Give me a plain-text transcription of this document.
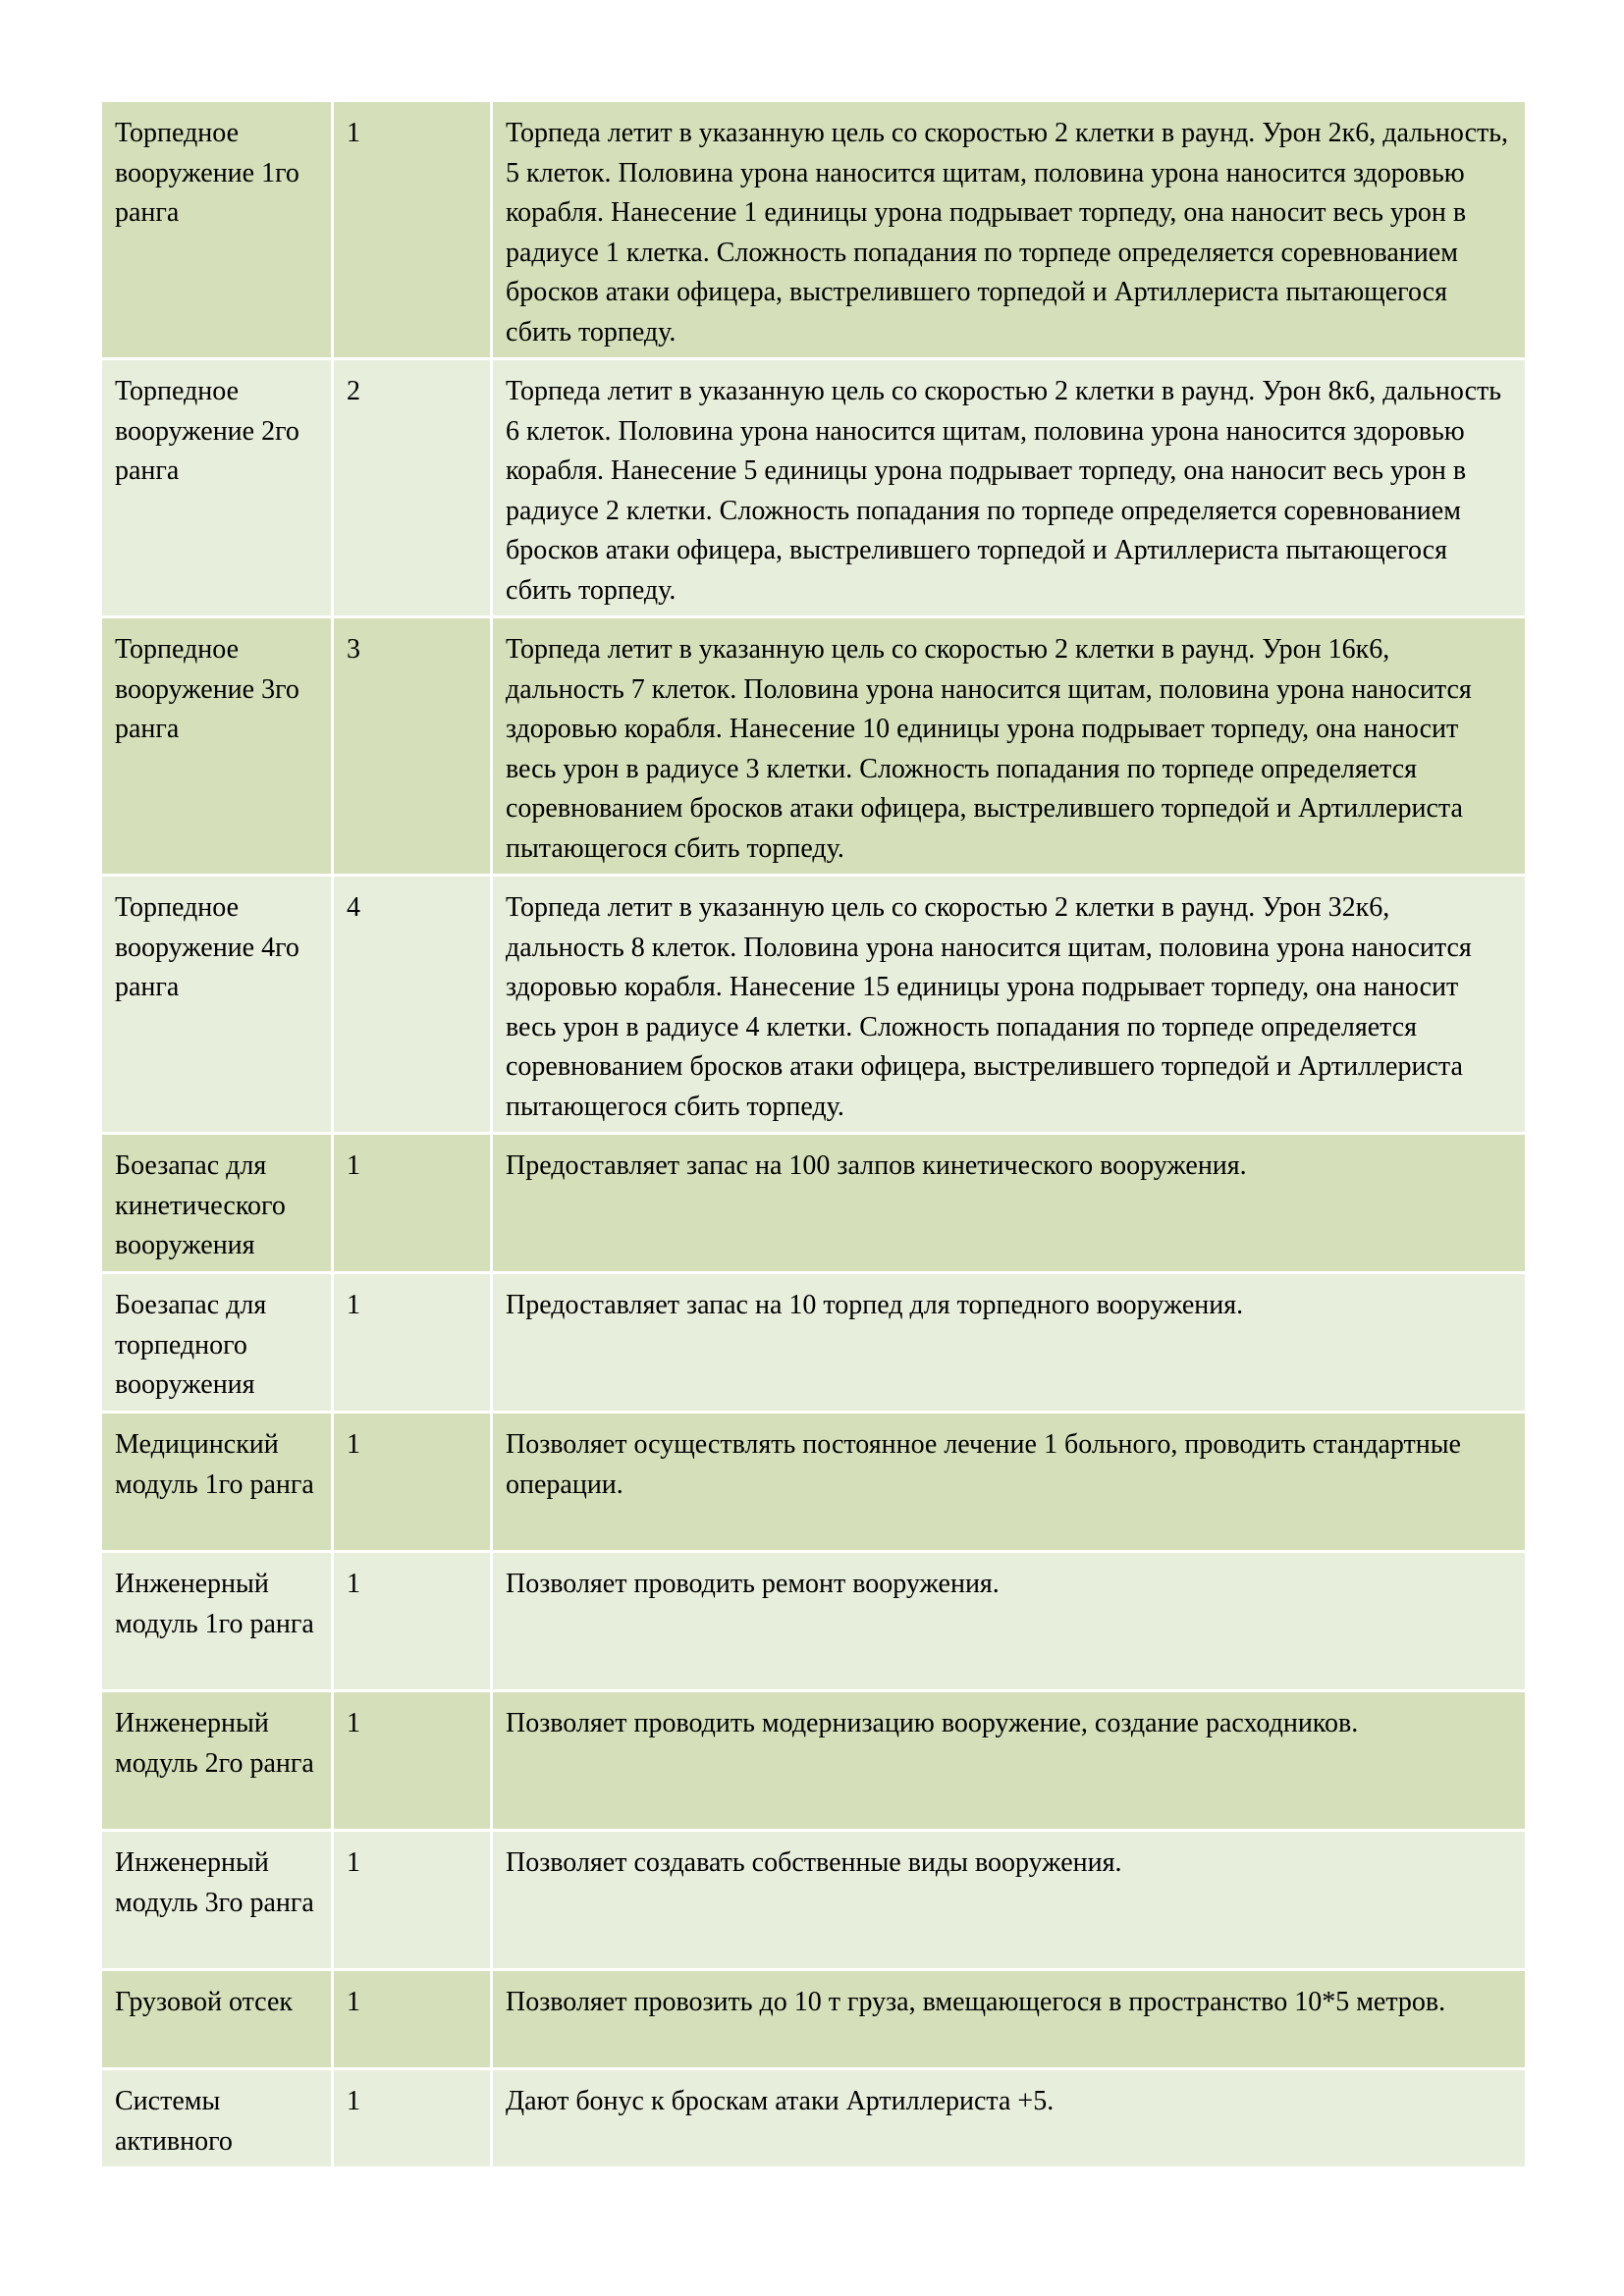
Торпедное вооружение 1го ранга	1	Торпеда летит в указанную цель со скоростью 2 клетки в раунд. Урон 2к6, дальность, 5 клеток. Половина урона наносится щитам, половина урона наносится здоровью корабля. Нанесение 1 единицы урона подрывает торпеду, она наносит весь урон в радиусе 1 клетка. Сложность попадания по торпеде определяется соревнованием бросков атаки офицера, выстрелившего торпедой и Артиллериста пытающегося сбить торпеду.
Торпедное вооружение 2го ранга	2	Торпеда летит в указанную цель со скоростью 2 клетки в раунд. Урон 8к6, дальность 6 клеток. Половина урона наносится щитам, половина урона наносится здоровью корабля. Нанесение 5 единицы урона подрывает торпеду, она наносит весь урон в радиусе 2 клетки. Сложность попадания по торпеде определяется соревнованием бросков атаки офицера, выстрелившего торпедой и Артиллериста пытающегося сбить торпеду.
Торпедное вооружение 3го ранга	3	Торпеда летит в указанную цель со скоростью 2 клетки в раунд. Урон 16к6, дальность 7 клеток. Половина урона наносится щитам, половина урона наносится здоровью корабля. Нанесение 10 единицы урона подрывает торпеду, она наносит весь урон в радиусе 3 клетки. Сложность попадания по торпеде определяется соревнованием бросков атаки офицера, выстрелившего торпедой и Артиллериста пытающегося сбить торпеду.
Торпедное вооружение 4го ранга	4	Торпеда летит в указанную цель со скоростью 2 клетки в раунд. Урон 32к6, дальность 8 клеток. Половина урона наносится щитам, половина урона наносится здоровью корабля. Нанесение 15 единицы урона подрывает торпеду, она наносит весь урон в радиусе 4 клетки. Сложность попадания по торпеде определяется соревнованием бросков атаки офицера, выстрелившего торпедой и Артиллериста пытающегося сбить торпеду.
Боезапас для кинетического вооружения	1	Предоставляет запас на 100 залпов кинетического вооружения.
Боезапас для торпедного вооружения	1	Предоставляет запас на 10 торпед для торпедного вооружения.
Медицинский модуль 1го ранга	1	Позволяет осуществлять постоянное лечение 1 больного, проводить стандартные операции.
Инженерный модуль 1го ранга	1	Позволяет проводить ремонт вооружения.
Инженерный модуль 2го ранга	1	Позволяет проводить модернизацию вооружение, создание расходников.
Инженерный модуль 3го ранга	1	Позволяет создавать собственные виды вооружения.
Грузовой отсек	1	Позволяет провозить до 10 т груза, вмещающегося в пространство 10*5 метров.

Системы активного	1	Дают бонус к броскам атаки Артиллериста +5.
